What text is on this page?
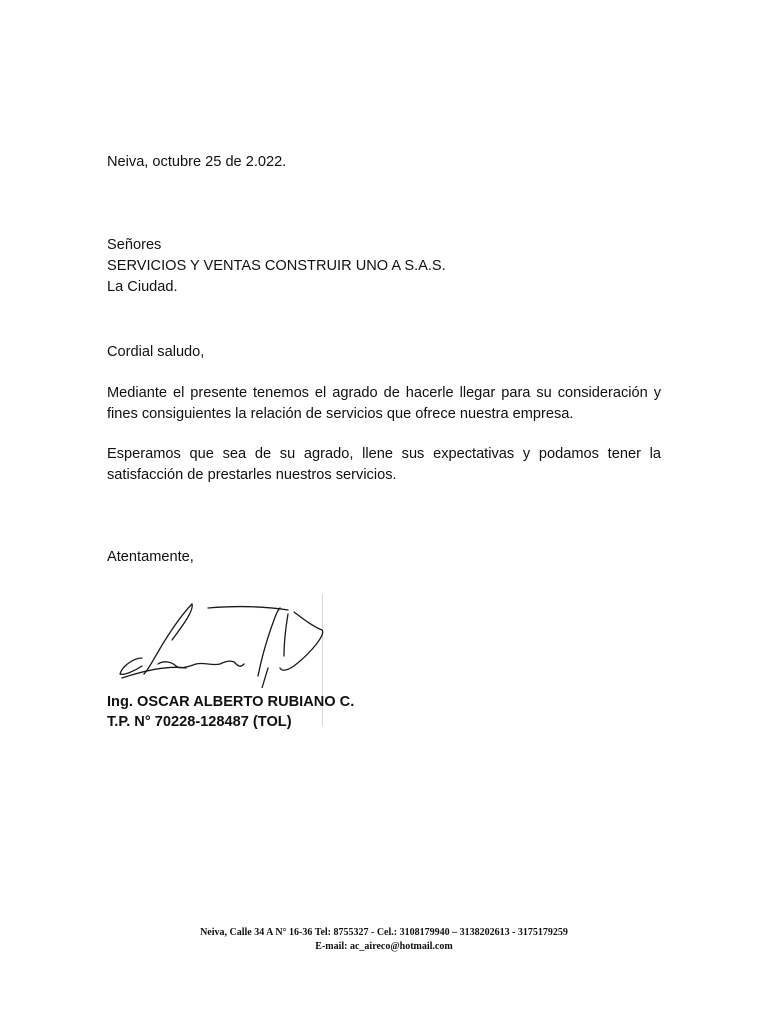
Neiva, octubre 25 de 2.022.
Señores
SERVICIOS Y VENTAS CONSTRUIR UNO A S.A.S.
La Ciudad.
Cordial saludo,
Mediante el presente tenemos el agrado de hacerle llegar para su consideración y fines consiguientes la relación de servicios que ofrece nuestra empresa.
Esperamos que sea de su agrado, llene sus expectativas y podamos tener la satisfacción de prestarles nuestros servicios.
Atentamente,
Ing. OSCAR ALBERTO RUBIANO C.
T.P. N° 70228-128487 (TOL)
Neiva, Calle 34 A N° 16-36 Tel: 8755327 - Cel.: 3108179940 – 3138202613 - 3175179259
E-mail: ac_aireco@hotmail.com
